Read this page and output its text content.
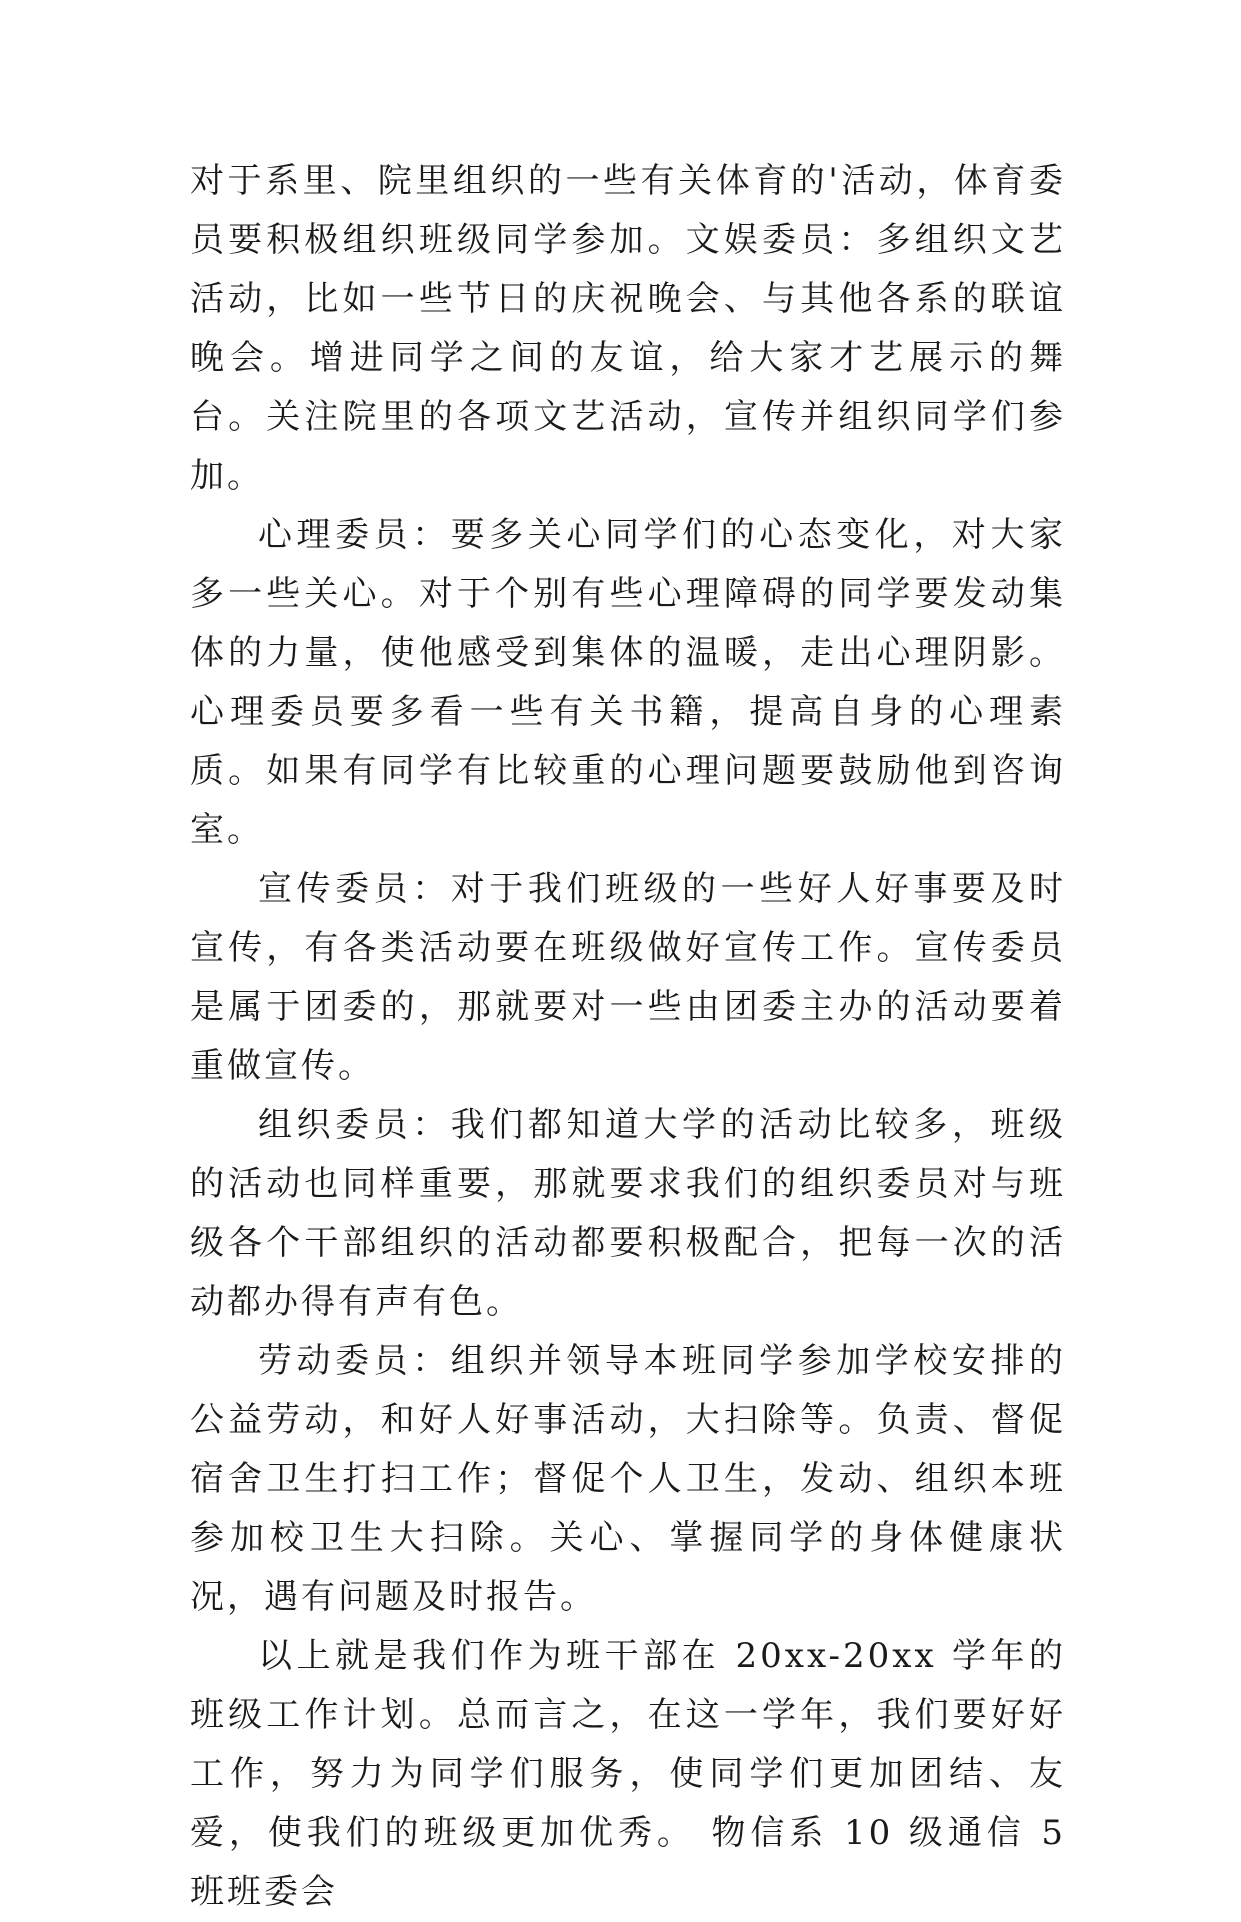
对于系里、院里组织的一些有关体育的'活动，体育委员要积极组织班级同学参加。文娱委员：多组织文艺活动，比如一些节日的庆祝晚会、与其他各系的联谊晚会。增进同学之间的友谊，给大家才艺展示的舞台。关注院里的各项文艺活动，宣传并组织同学们参加。

心理委员：要多关心同学们的心态变化，对大家多一些关心。对于个别有些心理障碍的同学要发动集体的力量，使他感受到集体的温暖，走出心理阴影。心理委员要多看一些有关书籍，提高自身的心理素质。如果有同学有比较重的心理问题要鼓励他到咨询室。

宣传委员：对于我们班级的一些好人好事要及时宣传，有各类活动要在班级做好宣传工作。宣传委员是属于团委的，那就要对一些由团委主办的活动要着重做宣传。

组织委员：我们都知道大学的活动比较多，班级的活动也同样重要，那就要求我们的组织委员对与班级各个干部组织的活动都要积极配合，把每一次的活动都办得有声有色。

劳动委员：组织并领导本班同学参加学校安排的公益劳动，和好人好事活动，大扫除等。负责、督促宿舍卫生打扫工作；督促个人卫生，发动、组织本班参加校卫生大扫除。关心、掌握同学的身体健康状况，遇有问题及时报告。

以上就是我们作为班干部在 20xx-20xx 学年的班级工作计划。总而言之，在这一学年，我们要好好工作，努力为同学们服务，使同学们更加团结、友爱，使我们的班级更加优秀。 物信系 10 级通信 5 班班委会
